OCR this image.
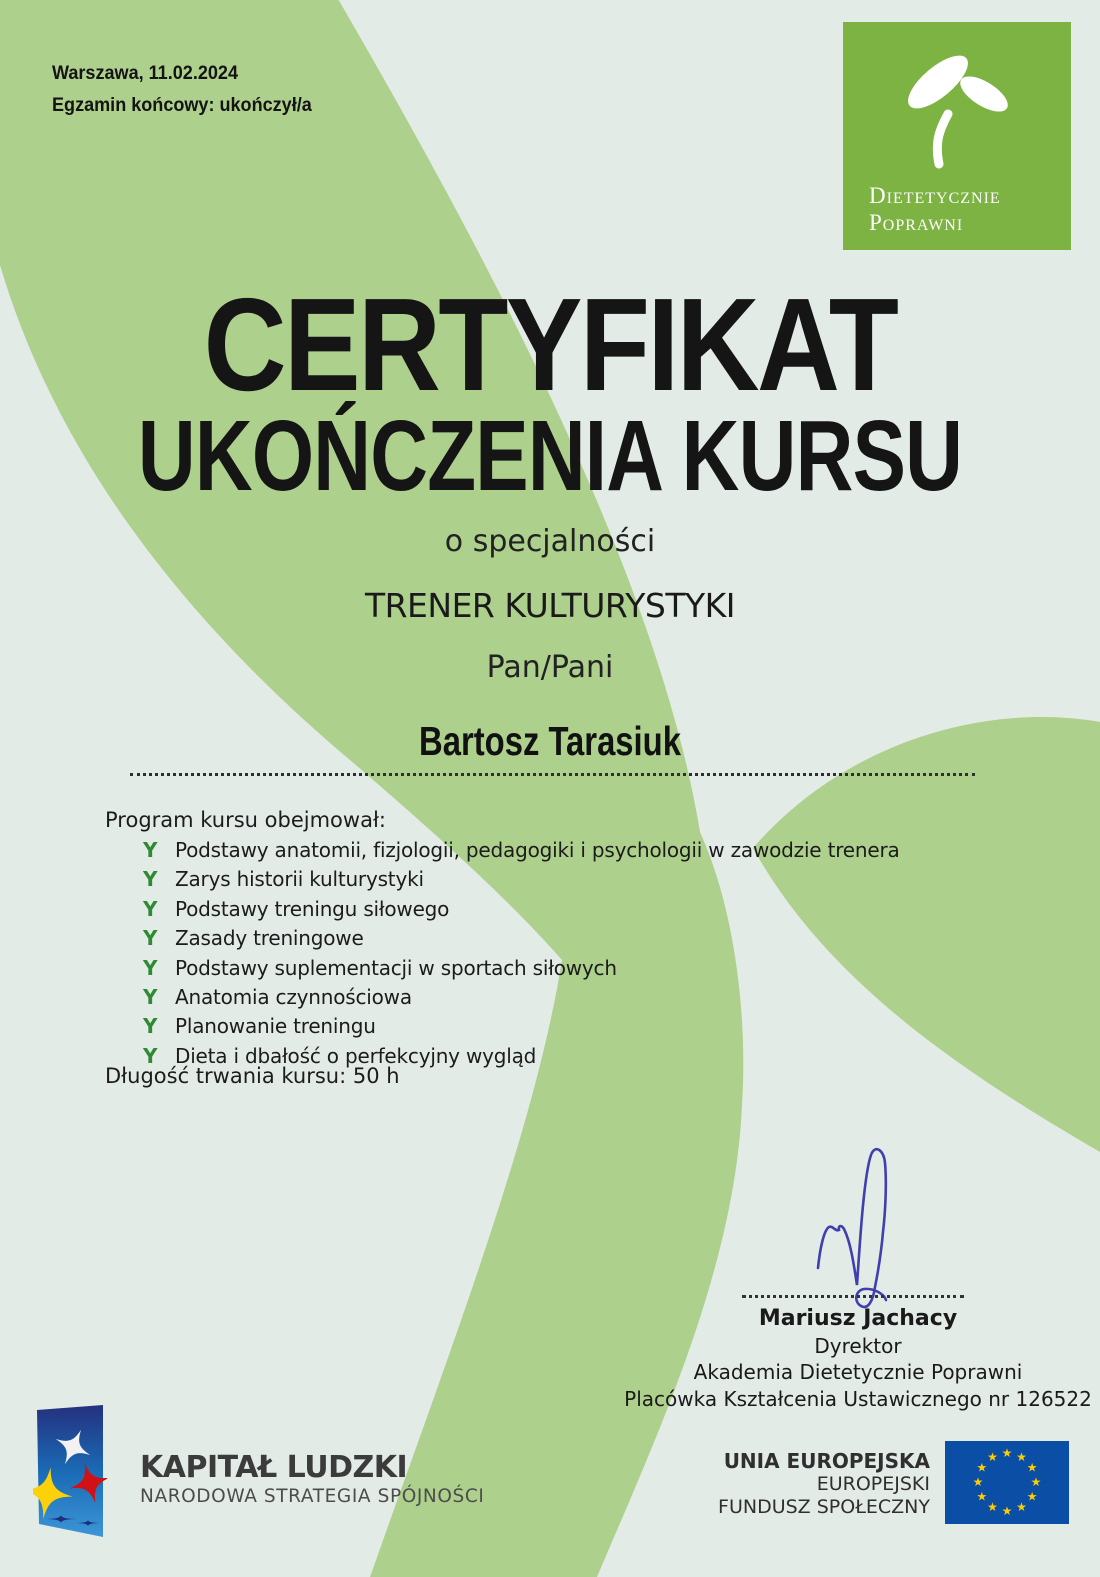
Warszawa, 11.02.2024
Egzamin końcowy: ukończył/a
Dietetycznie
Poprawni
CERTYFIKAT
UKOŃCZENIA KURSU
o specjalności
TRENER KULTURYSTYKI
Pan/Pani
Bartosz Tarasiuk
Program kursu obejmował:
Y Podstawy anatomii, fizjologii, pedagogiki i psychologii w zawodzie trenera
Y Zarys historii kulturystyki
Y Podstawy treningu siłowego
Y Zasady treningowe
Y Podstawy suplementacji w sportach siłowych
Y Anatomia czynnościowa
Y Planowanie treningu
Y Dieta i dbałość o perfekcyjny wygląd
Długość trwania kursu: 50 h
Mariusz Jachacy
Dyrektor
Akademia Dietetycznie Poprawni
Placówka Kształcenia Ustawicznego nr 126522
KAPITAŁ LUDZKI
NARODOWA STRATEGIA SPÓJNOŚCI
UNIA EUROPEJSKA
EUROPEJSKI
FUNDUSZ SPOŁECZNY
★ ★
★
★
★
★
★
★
★
★
★
★
